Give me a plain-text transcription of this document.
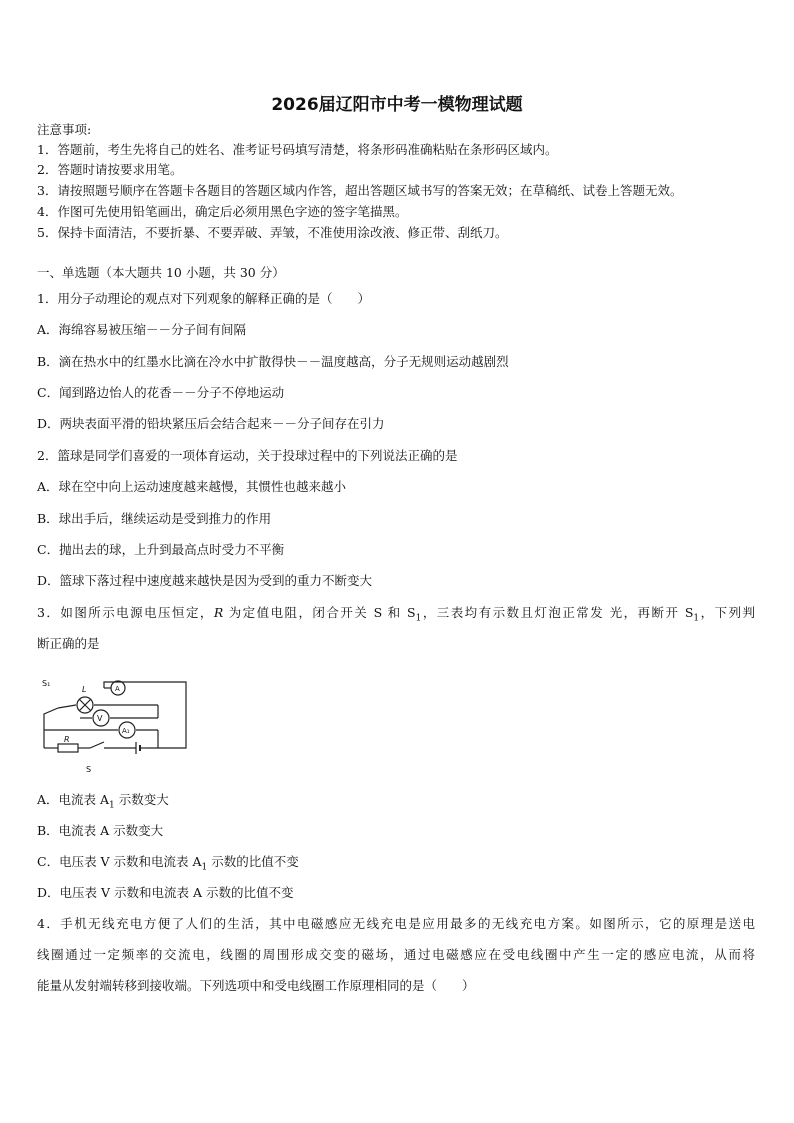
2026届辽阳市中考一模物理试题
注意事项:
1．答题前，考生先将自己的姓名、准考证号码填写清楚，将条形码准确粘贴在条形码区域内。
2．答题时请按要求用笔。
3．请按照题号顺序在答题卡各题目的答题区域内作答，超出答题区域书写的答案无效；在草稿纸、试卷上答题无效。
4．作图可先使用铅笔画出，确定后必须用黑色字迹的签字笔描黑。
5．保持卡面清洁，不要折暴、不要弄破、弄皱，不准使用涂改液、修正带、刮纸刀。
一、单选题（本大题共 10 小题，共 30 分）
1．用分子动理论的观点对下列观象的解释正确的是（　　）
A．海绵容易被压缩－－分子间有间隔
B．滴在热水中的红墨水比滴在冷水中扩散得快－－温度越高，分子无规则运动越剧烈
C．闻到路边怡人的花香－－分子不停地运动
D．两块表面平滑的铅块紧压后会结合起来－－分子间存在引力
2．篮球是同学们喜爱的一项体育运动，关于投球过程中的下列说法正确的是
A．球在空中向上运动速度越来越慢，其惯性也越来越小
B．球出手后，继续运动是受到推力的作用
C．抛出去的球，上升到最高点时受力不平衡
D．篮球下落过程中速度越来越快是因为受到的重力不断变大
3．如图所示电源电压恒定，R 为定值电阻，闭合开关 S 和 $S_1$，三表均有示数且灯泡正常发 光，再断开 $S_1$，下列判
断正确的是
S₁
L	A
V
A₁
R
S
A．电流表 $A_1$ 示数变大
B．电流表 A 示数变大
C．电压表 V 示数和电流表 $A_1$ 示数的比值不变
D．电压表 V 示数和电流表 A 示数的比值不变
4．手机无线充电方便了人们的生活，其中电磁感应无线充电是应用最多的无线充电方案。如图所示，它的原理是送电
线圈通过一定频率的交流电，线圈的周围形成交变的磁场，通过电磁感应在受电线圈中产生一定的感应电流，从而将
能量从发射端转移到接收端。下列选项中和受电线圈工作原理相同的是（　　）
